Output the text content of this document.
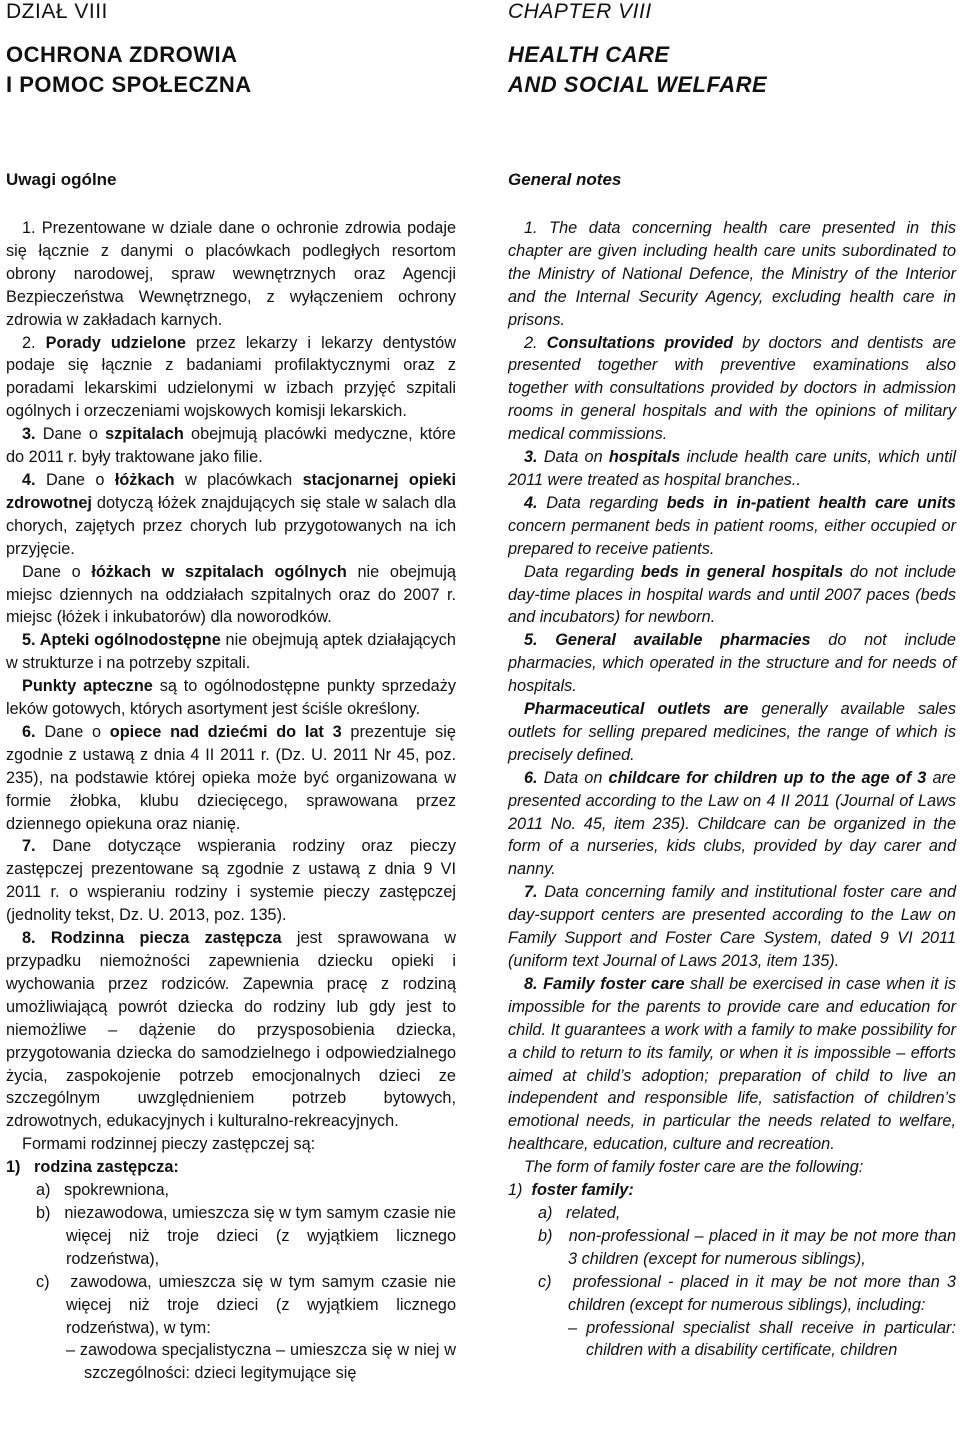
DZIAŁ VIII
OCHRONA ZDROWIA
I POMOC SPOŁECZNA
Uwagi ogólne

1. Prezentowane w dziale dane o ochronie zdrowia podaje się łącznie z danymi o placówkach podległych resortom obrony narodowej, spraw wewnętrznych oraz Agencji Bezpieczeństwa Wewnętrznego, z wyłączeniem ochrony zdrowia w zakładach karnych.

2. Porady udzielone przez lekarzy i lekarzy dentystów podaje się łącznie z badaniami profilaktycznymi oraz z poradami lekarskimi udzielonymi w izbach przyjęć szpitali ogólnych i orzeczeniami wojskowych komisji lekarskich.

3. Dane o szpitalach obejmują placówki medyczne, które do 2011 r. były traktowane jako filie.

4. Dane o łóżkach w placówkach stacjonarnej opieki zdrowotnej dotyczą łóżek znajdujących się stale w salach dla chorych, zajętych przez chorych lub przygotowanych na ich przyjęcie.

Dane o łóżkach w szpitalach ogólnych nie obejmują miejsc dziennych na oddziałach szpitalnych oraz do 2007 r. miejsc (łóżek i inkubatorów) dla noworodków.

5. Apteki ogólnodostępne nie obejmują aptek działających w strukturze i na potrzeby szpitali.

Punkty apteczne są to ogólnodostępne punkty sprzedaży leków gotowych, których asortyment jest ściśle określony.

6. Dane o opiece nad dziećmi do lat 3 prezentuje się zgodnie z ustawą z dnia 4 II 2011 r. (Dz. U. 2011 Nr 45, poz. 235), na podstawie której opieka może być organizowana w formie żłobka, klubu dziecięcego, sprawowana przez dziennego opiekuna oraz nianię.

7. Dane dotyczące wspierania rodziny oraz pieczy zastępczej prezentowane są zgodnie z ustawą z dnia 9 VI 2011 r. o wspieraniu rodziny i systemie pieczy zastępczej (jednolity tekst, Dz. U. 2013, poz. 135).

8. Rodzinna piecza zastępcza jest sprawowana w przypadku niemożności zapewnienia dziecku opieki i wychowania przez rodziców. Zapewnia pracę z rodziną umożliwiającą powrót dziecka do rodziny lub gdy jest to niemożliwe – dążenie do przysposobienia dziecka, przygotowania dziecka do samodzielnego i odpowiedzialnego życia, zaspokojenie potrzeb emocjonalnych dzieci ze szczególnym uwzględnieniem potrzeb bytowych, zdrowotnych, edukacyjnych i kulturalno-rekreacyjnych.

Formami rodzinnej pieczy zastępczej są:

1)   rodzina zastępcza:

a)   spokrewniona,

b)   niezawodowa, umieszcza się w tym samym czasie nie więcej niż troje dzieci (z wyjątkiem licznego rodzeństwa),

c)   zawodowa, umieszcza się w tym samym czasie nie więcej niż troje dzieci (z wyjątkiem licznego rodzeństwa), w tym:

– zawodowa specjalistyczna – umieszcza się w niej w szczególności: dzieci legitymujące się

CHAPTER VIII
HEALTH CARE
AND SOCIAL WELFARE
General notes

1. The data concerning health care presented in this chapter are given including health care units subordinated to the Ministry of National Defence, the Ministry of the Interior and the Internal Security Agency, excluding health care in prisons.

2. Consultations provided by doctors and dentists are presented together with preventive examinations also together with consultations provided by doctors in admission rooms in general hospitals and with the opinions of military medical commissions.

3. Data on hospitals include health care units, which until 2011 were treated as hospital branches..

4. Data regarding beds in in-patient health care units concern permanent beds in patient rooms, either occupied or prepared to receive patients.

Data regarding beds in general hospitals do not include day-time places in hospital wards and until 2007 paces (beds and incubators) for newborn.

5. General available pharmacies do not include pharmacies, which operated in the structure and for needs of hospitals.

Pharmaceutical outlets are generally available sales outlets for selling prepared medicines, the range of which is precisely defined.

6. Data on childcare for children up to the age of 3 are presented according to the Law on 4 II 2011 (Journal of Laws 2011 No. 45, item 235). Childcare can be organized in the form of a nurseries, kids clubs, provided by day carer and nanny.

7. Data concerning family and institutional foster care and day-support centers are presented according to the Law on Family Support and Foster Care System, dated 9 VI 2011 (uniform text Journal of Laws 2013, item 135).

8. Family foster care shall be exercised in case when it is impossible for the parents to provide care and education for child. It guarantees a work with a family to make possibility for a child to return to its family, or when it is impossible – efforts aimed at child’s adoption; preparation of child to live an independent and responsible life, satisfaction of children’s emotional needs, in particular the needs related to welfare, healthcare, education, culture and recreation.

The form of family foster care are the following:

1)  foster family:

a)   related,

b)   non-professional – placed in it may be not more than 3 children (except for numerous siblings),

c)   professional - placed in it may be not more than 3 children (except for numerous siblings), including:

– professional specialist shall receive in particular: children with a disability certificate, children
